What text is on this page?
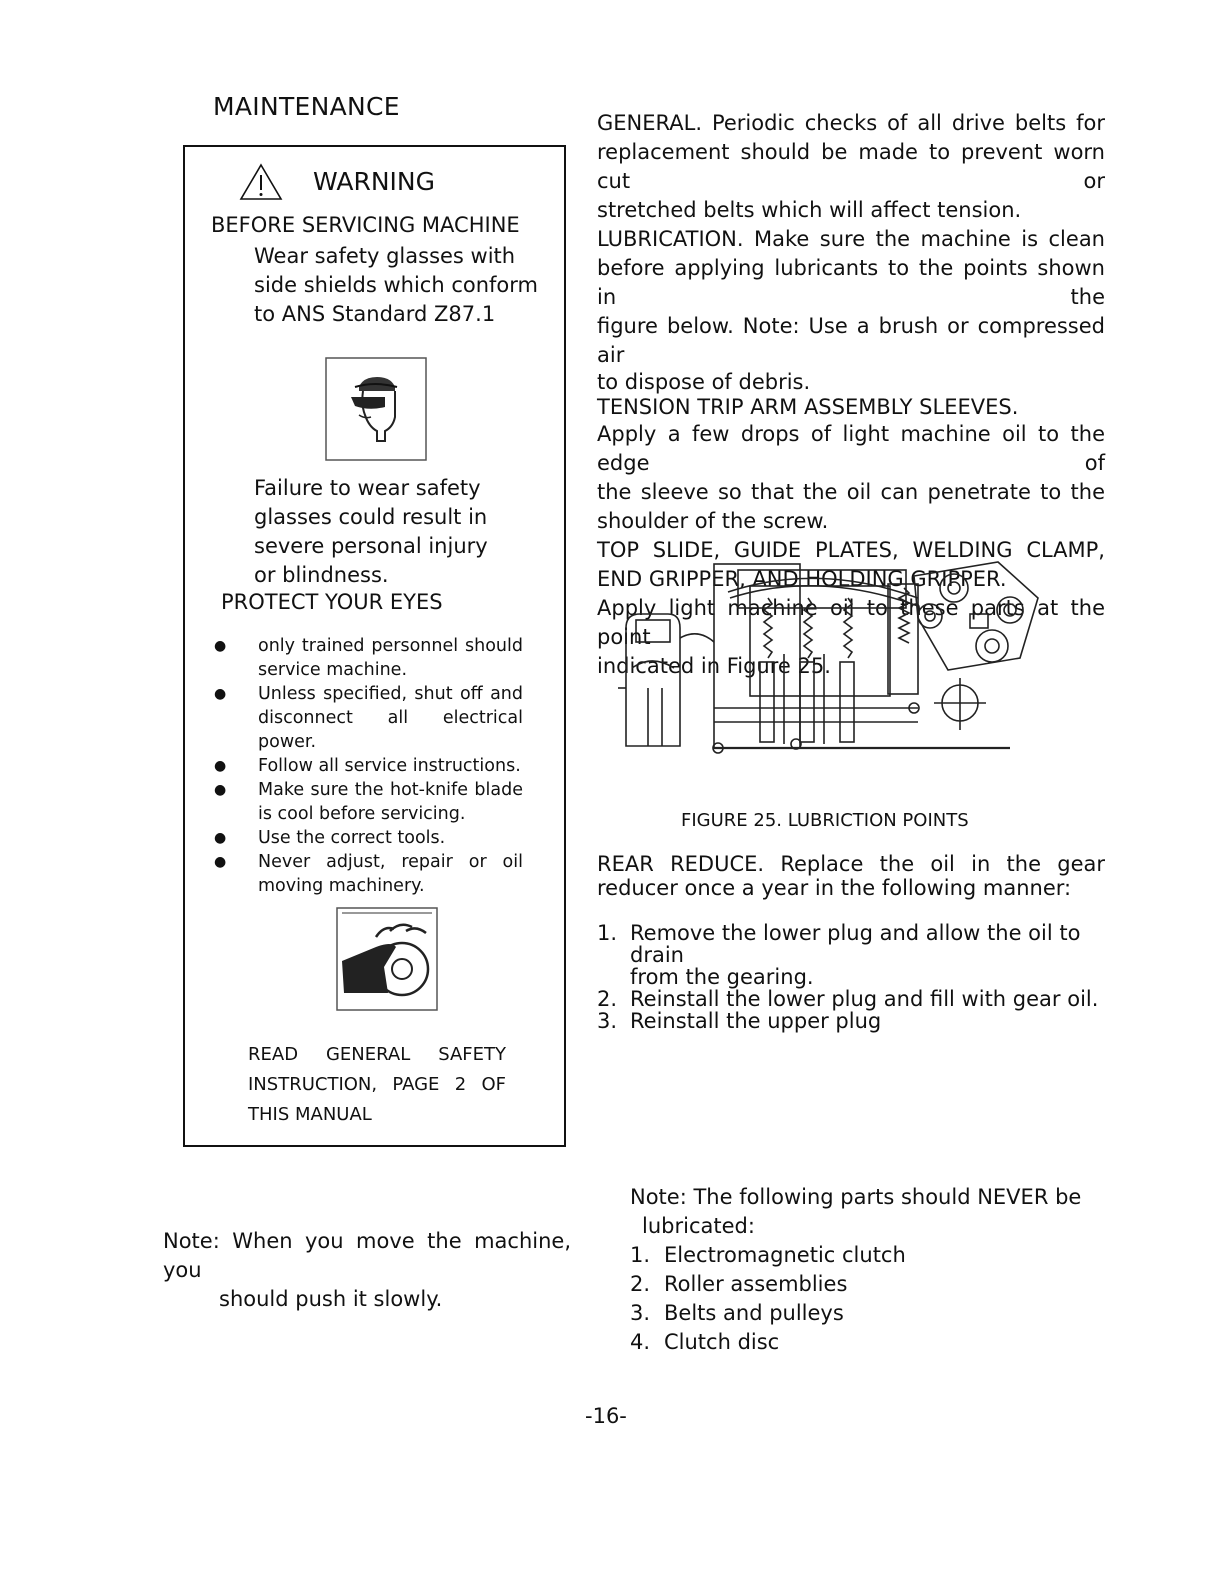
MAINTENANCE
WARNING
BEFORE SERVICING MACHINE
Wear safety glasses with
side shields which conform
to ANS Standard Z87.1
Failure to wear safety
glasses could result in
severe personal injury
or blindness.
PROTECT YOUR EYES
● only trained personnel should
service machine.
● Unless specified, shut off and
disconnect all electrical power.
● Follow all service instructions.
● Make sure the hot-knife blade
is cool before servicing.
● Use the correct tools.
● Never adjust, repair or oil
moving machinery.
READ GENERAL SAFETY
INSTRUCTION, PAGE 2 OF
THIS MANUAL
Note: When you move the machine, you
should push it slowly.

GENERAL. Periodic checks of all drive belts for
replacement should be made to prevent worn cut or
stretched belts which will affect tension.

LUBRICATION. Make sure the machine is clean
before applying lubricants to the points shown in the
figure below. Note: Use a brush or compressed air
to dispose of debris.

TENSION TRIP ARM ASSEMBLY SLEEVES.

Apply a few drops of light machine oil to the edge of
the sleeve so that the oil can penetrate to the
shoulder of the screw.

TOP SLIDE, GUIDE PLATES, WELDING CLAMP,
END GRIPPER, AND HOLDING GRIPPER.

Apply light machine oil to these parts at the point
indicated in Figure 25.

FIGURE 25. LUBRICTION POINTS
REAR REDUCE. Replace the oil in the gear
reducer once a year in the following manner:
1. Remove the lower plug and allow the oil to drain
from the gearing.
2. Reinstall the lower plug and fill with gear oil.
3. Reinstall the upper plug
Note: The following parts should NEVER be
lubricated:
1. Electromagnetic clutch
2. Roller assemblies
3. Belts and pulleys
4. Clutch disc
-16-
